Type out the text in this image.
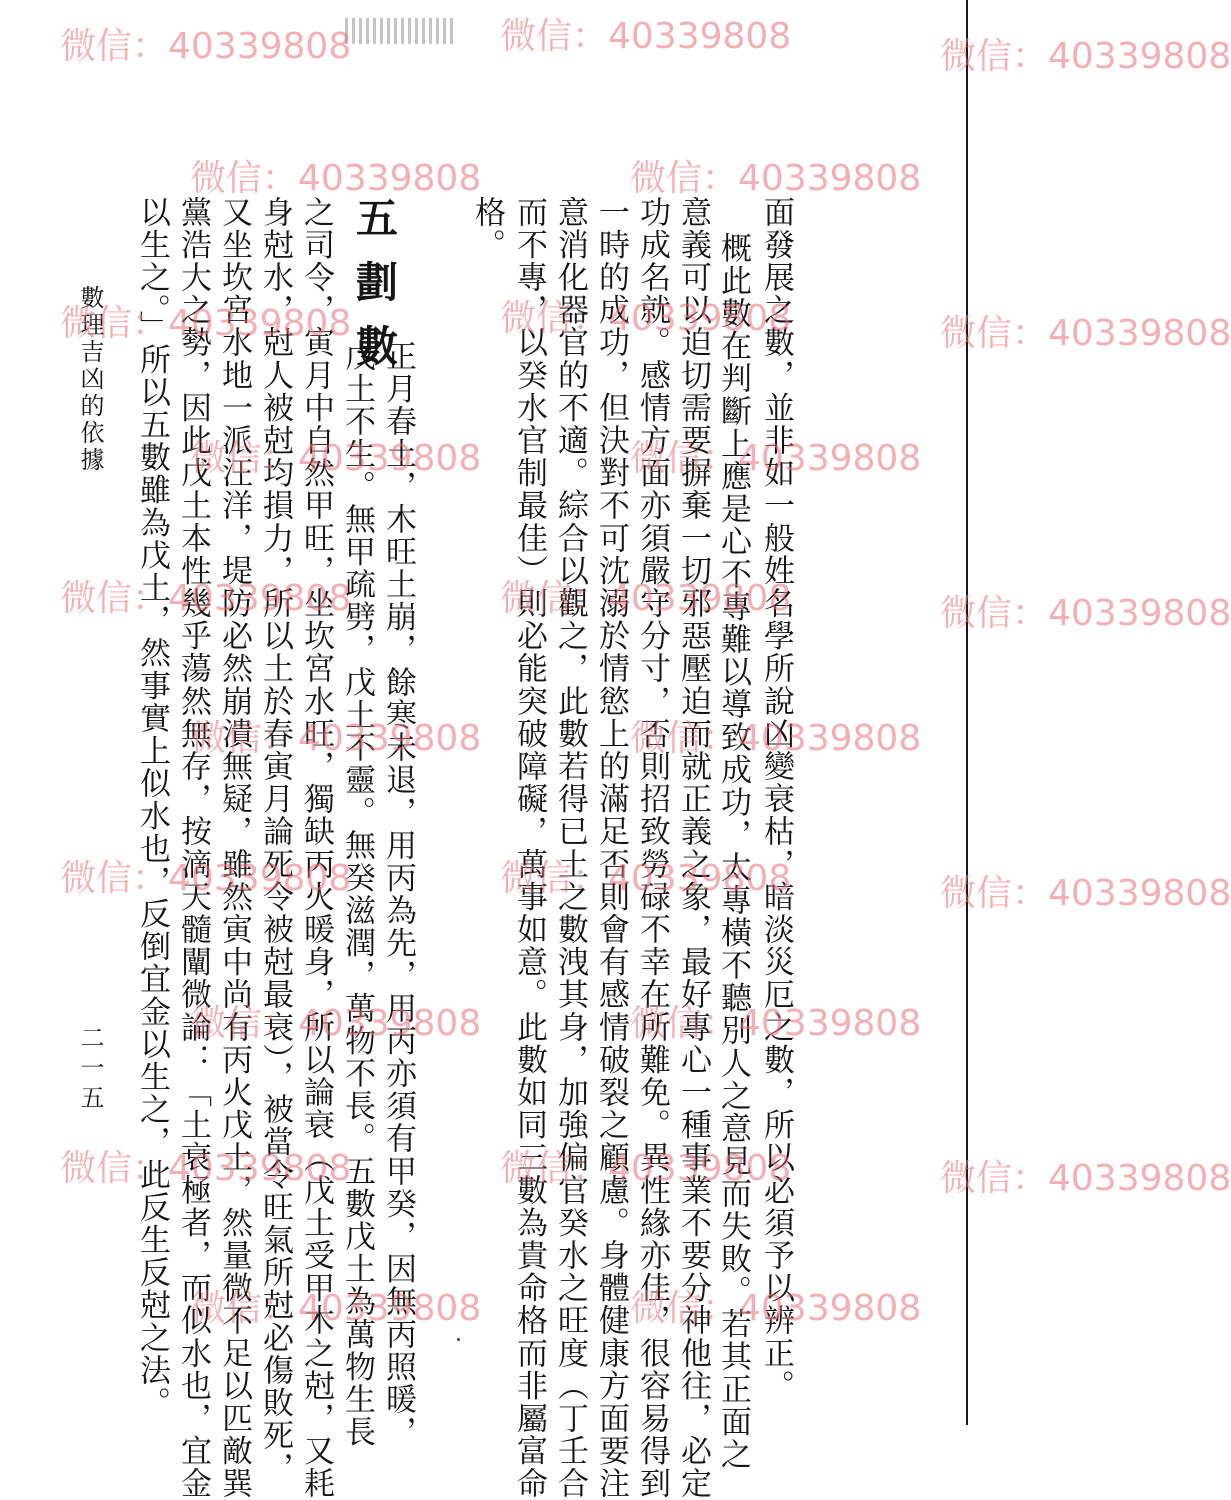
面發展之數，並非如一般姓名學所說凶變衰枯，暗淡災厄之數，所以必須予以辨正。
概此數在判斷上應是心不專難以導致成功，太專橫不聽別人之意見而失敗。若其正面之
意義可以迫切需要摒棄一切邪惡壓迫而就正義之象，最好專心一種事業不要分神他往，必定
功成名就。感情方面亦須嚴守分寸，否則招致勞碌不幸在所難免。異性緣亦佳，很容易得到
一時的成功，但決對不可沈溺於情慾上的滿足否則會有感情破裂之顧慮。身體健康方面要注
意消化器官的不適。綜合以觀之，此數若得已土之數洩其身，加強偏官癸水之旺度（丁壬合
而不專，以癸水官制最佳）則必能突破障礙，萬事如意。此數如同三數為貴命格而非屬富命
格。
五劃數
正月春土，木旺土崩，餘寒未退，用丙為先，用丙亦須有甲癸，因無丙照暖，
戊土不生。無甲疏劈，戊土不靈。無癸滋潤，萬物不長。五數戊土為萬物生長
之司令，寅月中自然甲旺，坐坎宮水旺，獨缺丙火暖身，所以論衰（戊土受甲木之尅，又耗
身尅水，尅人被尅均損力，所以土於春寅月論死令被尅最衰），被當令旺氣所尅必傷敗死，
又坐坎宮水地一派汪洋，堤防必然崩潰無疑，雖然寅中尚有丙火戊土，然量微不足以匹敵巽
黨浩大之勢，因此戊土本性幾乎蕩然無存，按滴天髓闡微論：「土衰極者，而似水也，宜金
以生之。」所以五數雖為戊土，然事實上似水也，反倒宜金以生之，此反生反尅之法。
數理吉凶的依據
二一五
微信：40339808	微信：40339808	微信：40339808
微信：40339808	微信：40339808
微信：40339808	微信：40339808	微信：40339808
微信：40339808	微信：40339808
微信：40339808	微信：40339808	微信：40339808
微信：40339808	微信：40339808
微信：40339808	微信：40339808	微信：40339808
微信：40339808	微信：40339808
微信：40339808	微信：40339808	微信：40339808
微信：40339808	微信：40339808
